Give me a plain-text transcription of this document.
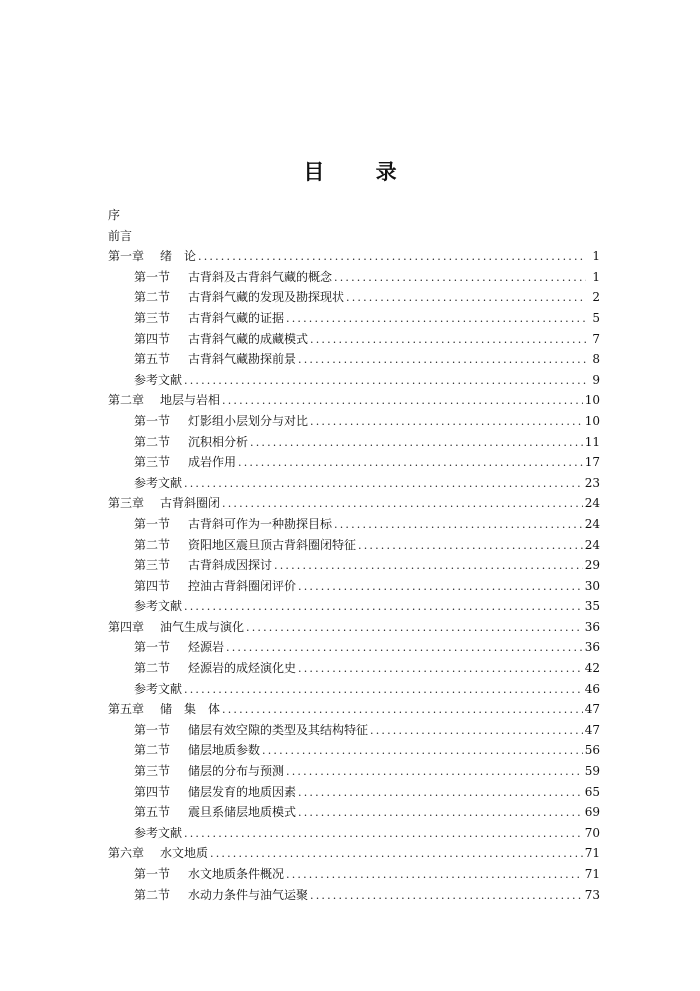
目 录
序
前言
第一章	绪　论 .....	1
第一节	古背斜及古背斜气藏的概念 .....	1
第二节	古背斜气藏的发现及勘探现状 .....	2
第三节	古背斜气藏的证据 .....	5
第四节	古背斜气藏的成藏模式 .....	7
第五节	古背斜气藏勘探前景 .....	8
参考文献 .....	9
第二章	地层与岩相 .....	10
第一节	灯影组小层划分与对比 .....	10
第二节	沉积相分析 .....	11
第三节	成岩作用 .....	17
参考文献 .....	23
第三章	古背斜圈闭 .....	24
第一节	古背斜可作为一种勘探目标 .....	24
第二节	资阳地区震旦顶古背斜圈闭特征 .....	24
第三节	古背斜成因探讨 .....	29
第四节	控油古背斜圈闭评价 .....	30
参考文献 .....	35
第四章	油气生成与演化 .....	36
第一节	烃源岩 .....	36
第二节	烃源岩的成烃演化史 .....	42
参考文献 .....	46
第五章	储　集　体 .....	47
第一节	储层有效空隙的类型及其结构特征 .....	47
第二节	储层地质参数 .....	56
第三节	储层的分布与预测 .....	59
第四节	储层发育的地质因素 .....	65
第五节	震旦系储层地质模式 .....	69
参考文献 .....	70
第六章	水文地质 .....	71
第一节	水文地质条件概况 .....	71
第二节	水动力条件与油气运聚 .....	73
